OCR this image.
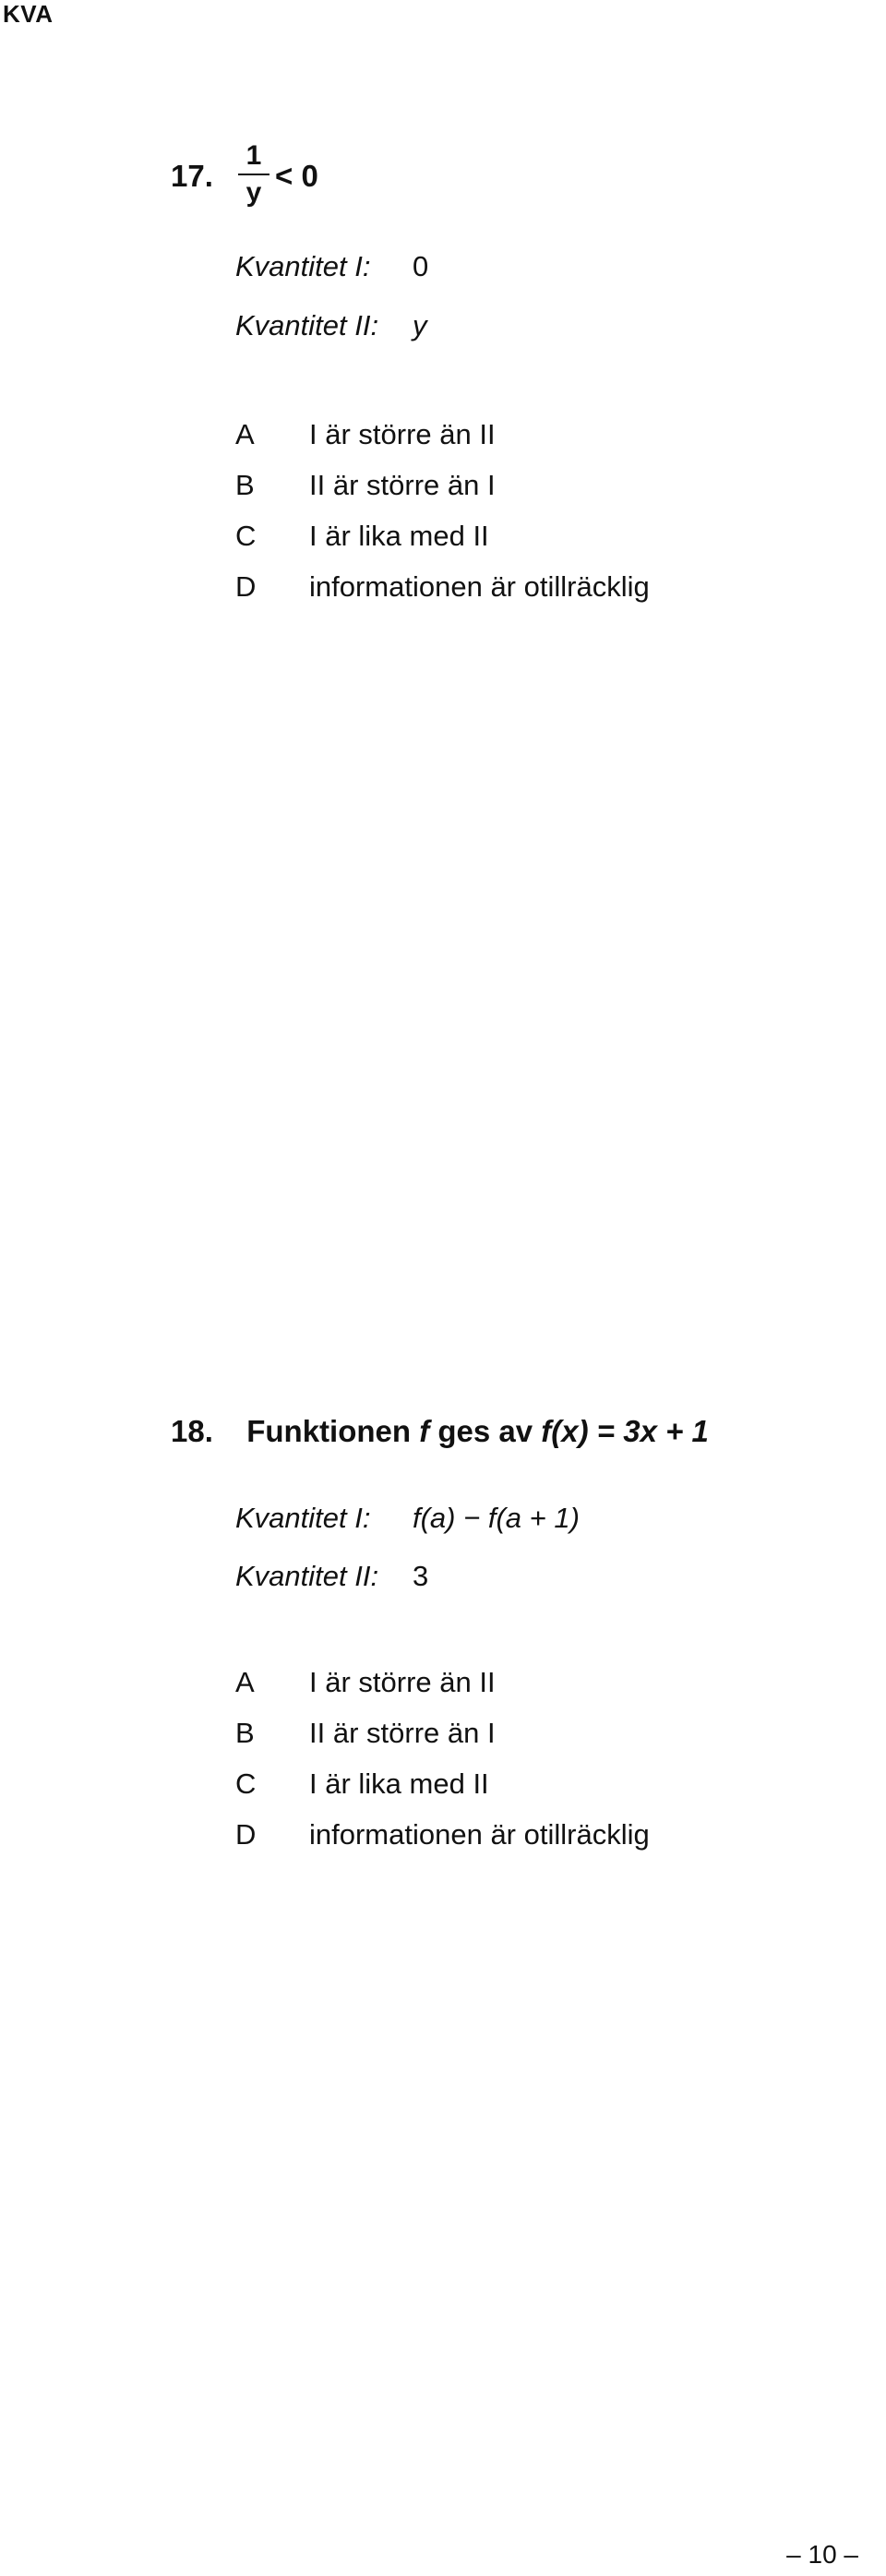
KVA
17.
1
y < 0
Kvantitet I: 0
Kvantitet II: y
A I är större än II
B II är större än I
C I är lika med II
D informationen är otillräcklig
18. Funktionen f ges av f(x) = 3x + 1
Kvantitet I: f(a) − f(a + 1)
Kvantitet II: 3
A I är större än II
B II är större än I
C I är lika med II
D informationen är otillräcklig
– 10 –
